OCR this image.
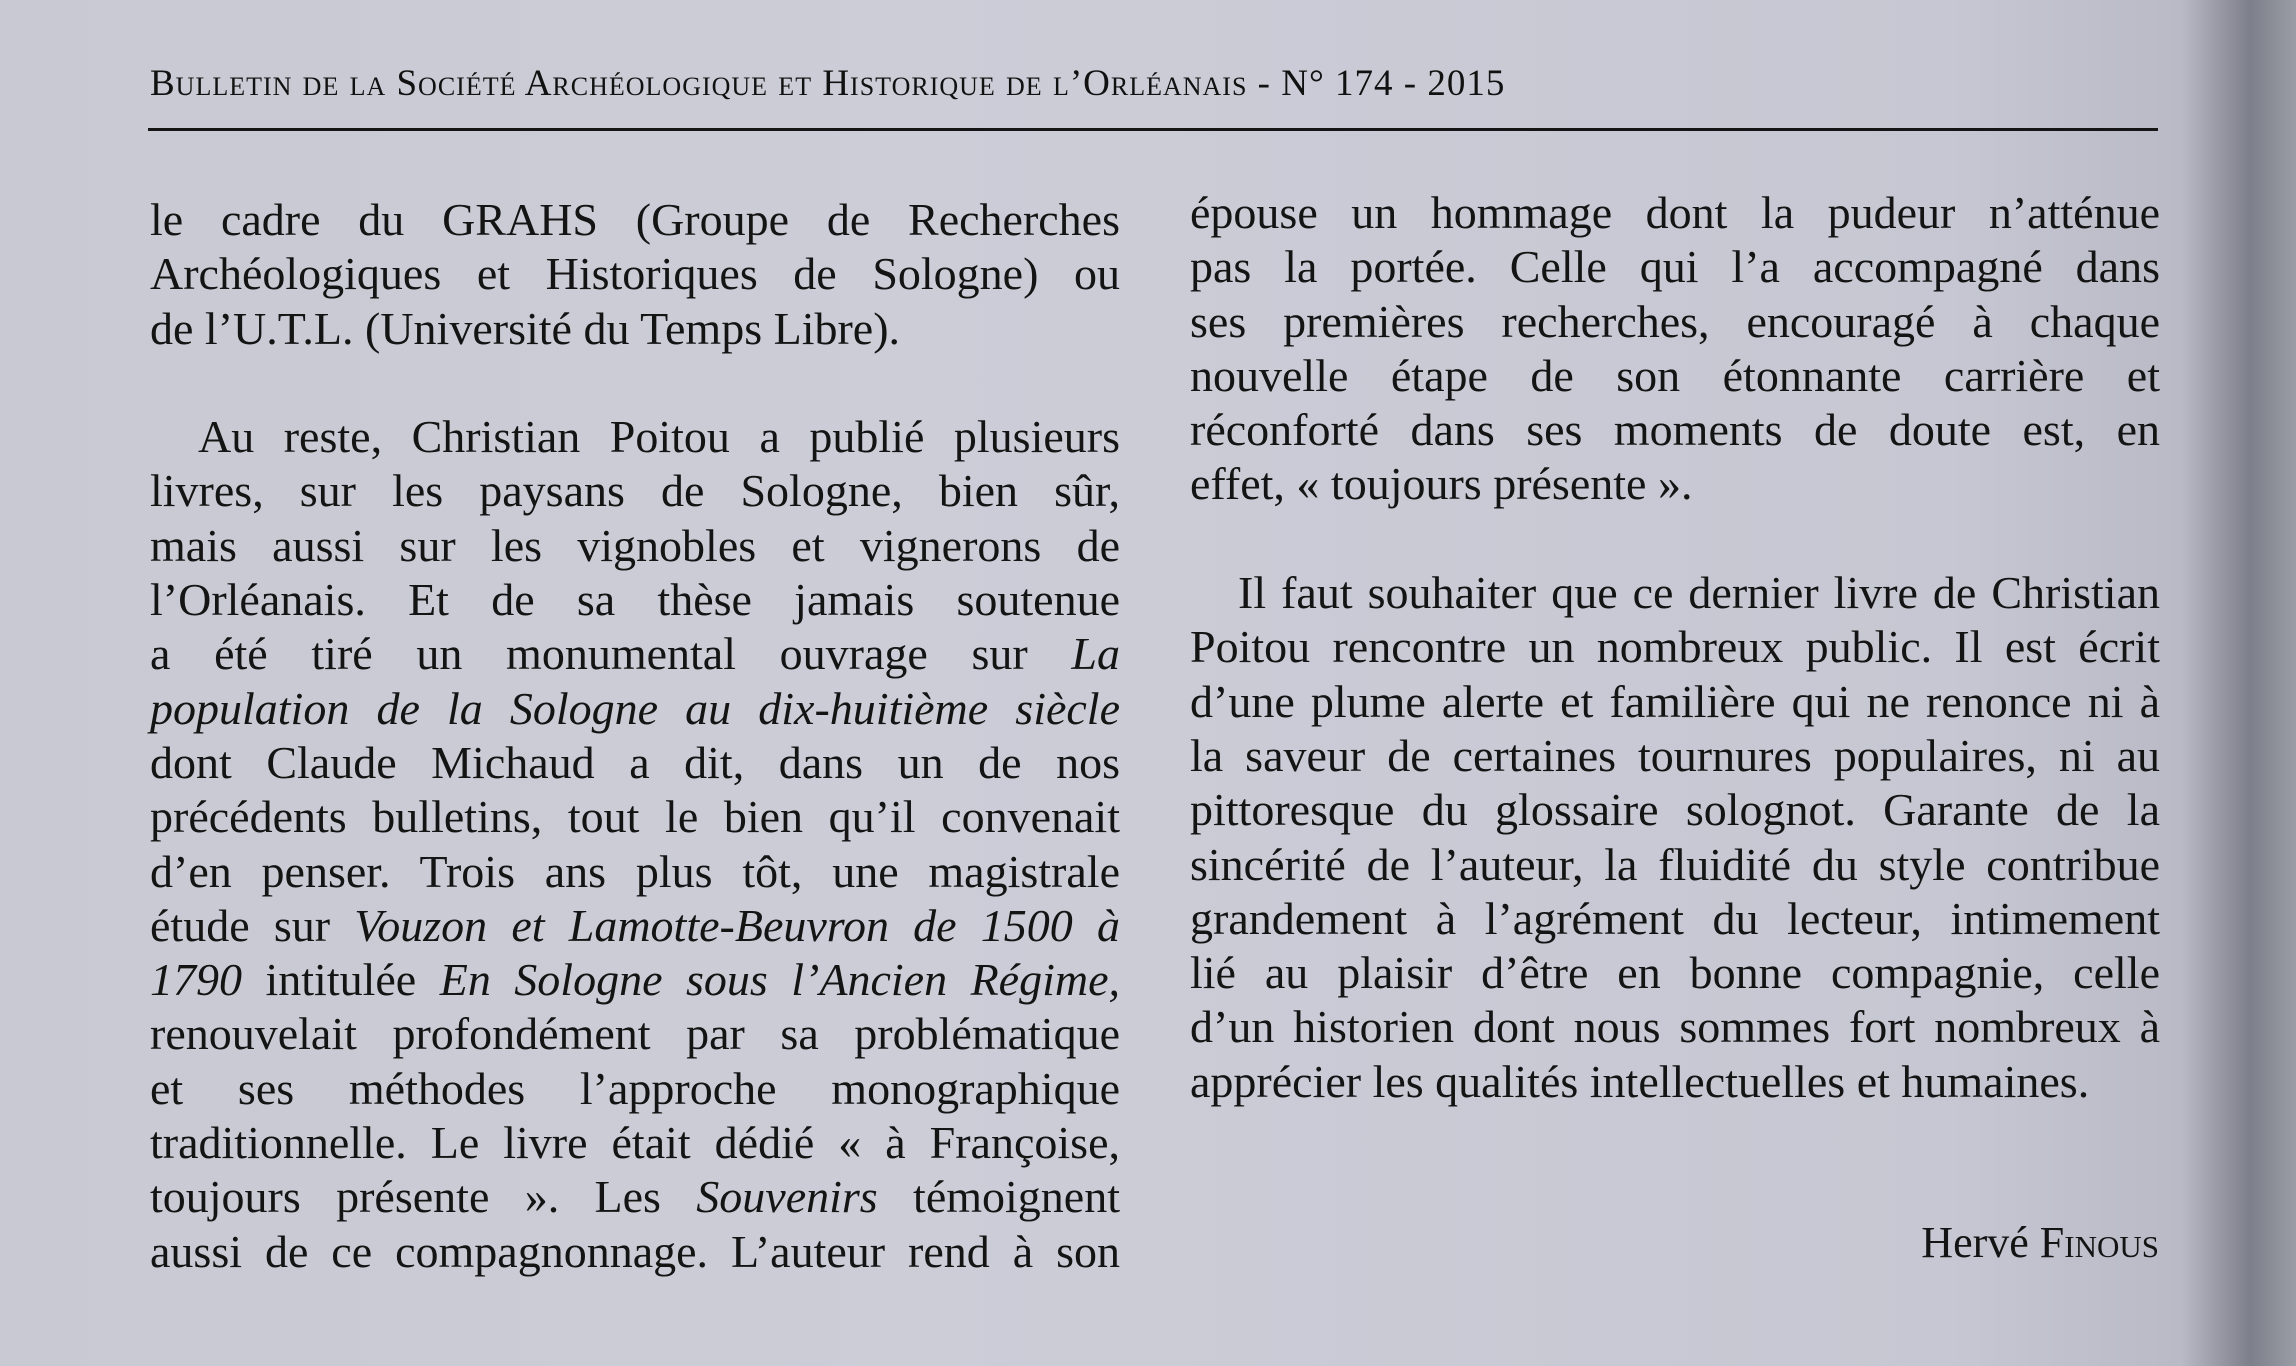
Bulletin de la Société Archéologique et Historique de l’Orléanais - N° 174 - 2015
le cadre du GRAHS (Groupe de Recherches
Archéologiques et Historiques de Sologne) ou
de l’U.T.L. (Université du Temps Libre).
Au reste, Christian Poitou a publié plusieurs
livres, sur les paysans de Sologne, bien sûr,
mais aussi sur les vignobles et vignerons de
l’Orléanais. Et de sa thèse jamais soutenue
a été tiré un monumental ouvrage sur La
population de la Sologne au dix-huitième siècle
dont Claude Michaud a dit, dans un de nos
précédents bulletins, tout le bien qu’il convenait
d’en penser. Trois ans plus tôt, une magistrale
étude sur Vouzon et Lamotte-Beuvron de 1500 à
1790 intitulée En Sologne sous l’Ancien Régime,
renouvelait profondément par sa problématique
et ses méthodes l’approche monographique
traditionnelle. Le livre était dédié « à Françoise,
toujours présente ». Les Souvenirs témoignent
aussi de ce compagnonnage. L’auteur rend à son
épouse un hommage dont la pudeur n’atténue
pas la portée. Celle qui l’a accompagné dans
ses premières recherches, encouragé à chaque
nouvelle étape de son étonnante carrière et
réconforté dans ses moments de doute est, en
effet, « toujours présente ».
Il faut souhaiter que ce dernier livre de Christian
Poitou rencontre un nombreux public. Il est écrit
d’une plume alerte et familière qui ne renonce ni à
la saveur de certaines tournures populaires, ni au
pittoresque du glossaire solognot. Garante de la
sincérité de l’auteur, la fluidité du style contribue
grandement à l’agrément du lecteur, intimement
lié au plaisir d’être en bonne compagnie, celle
d’un historien dont nous sommes fort nombreux à
apprécier les qualités intellectuelles et humaines.
Hervé Finous
